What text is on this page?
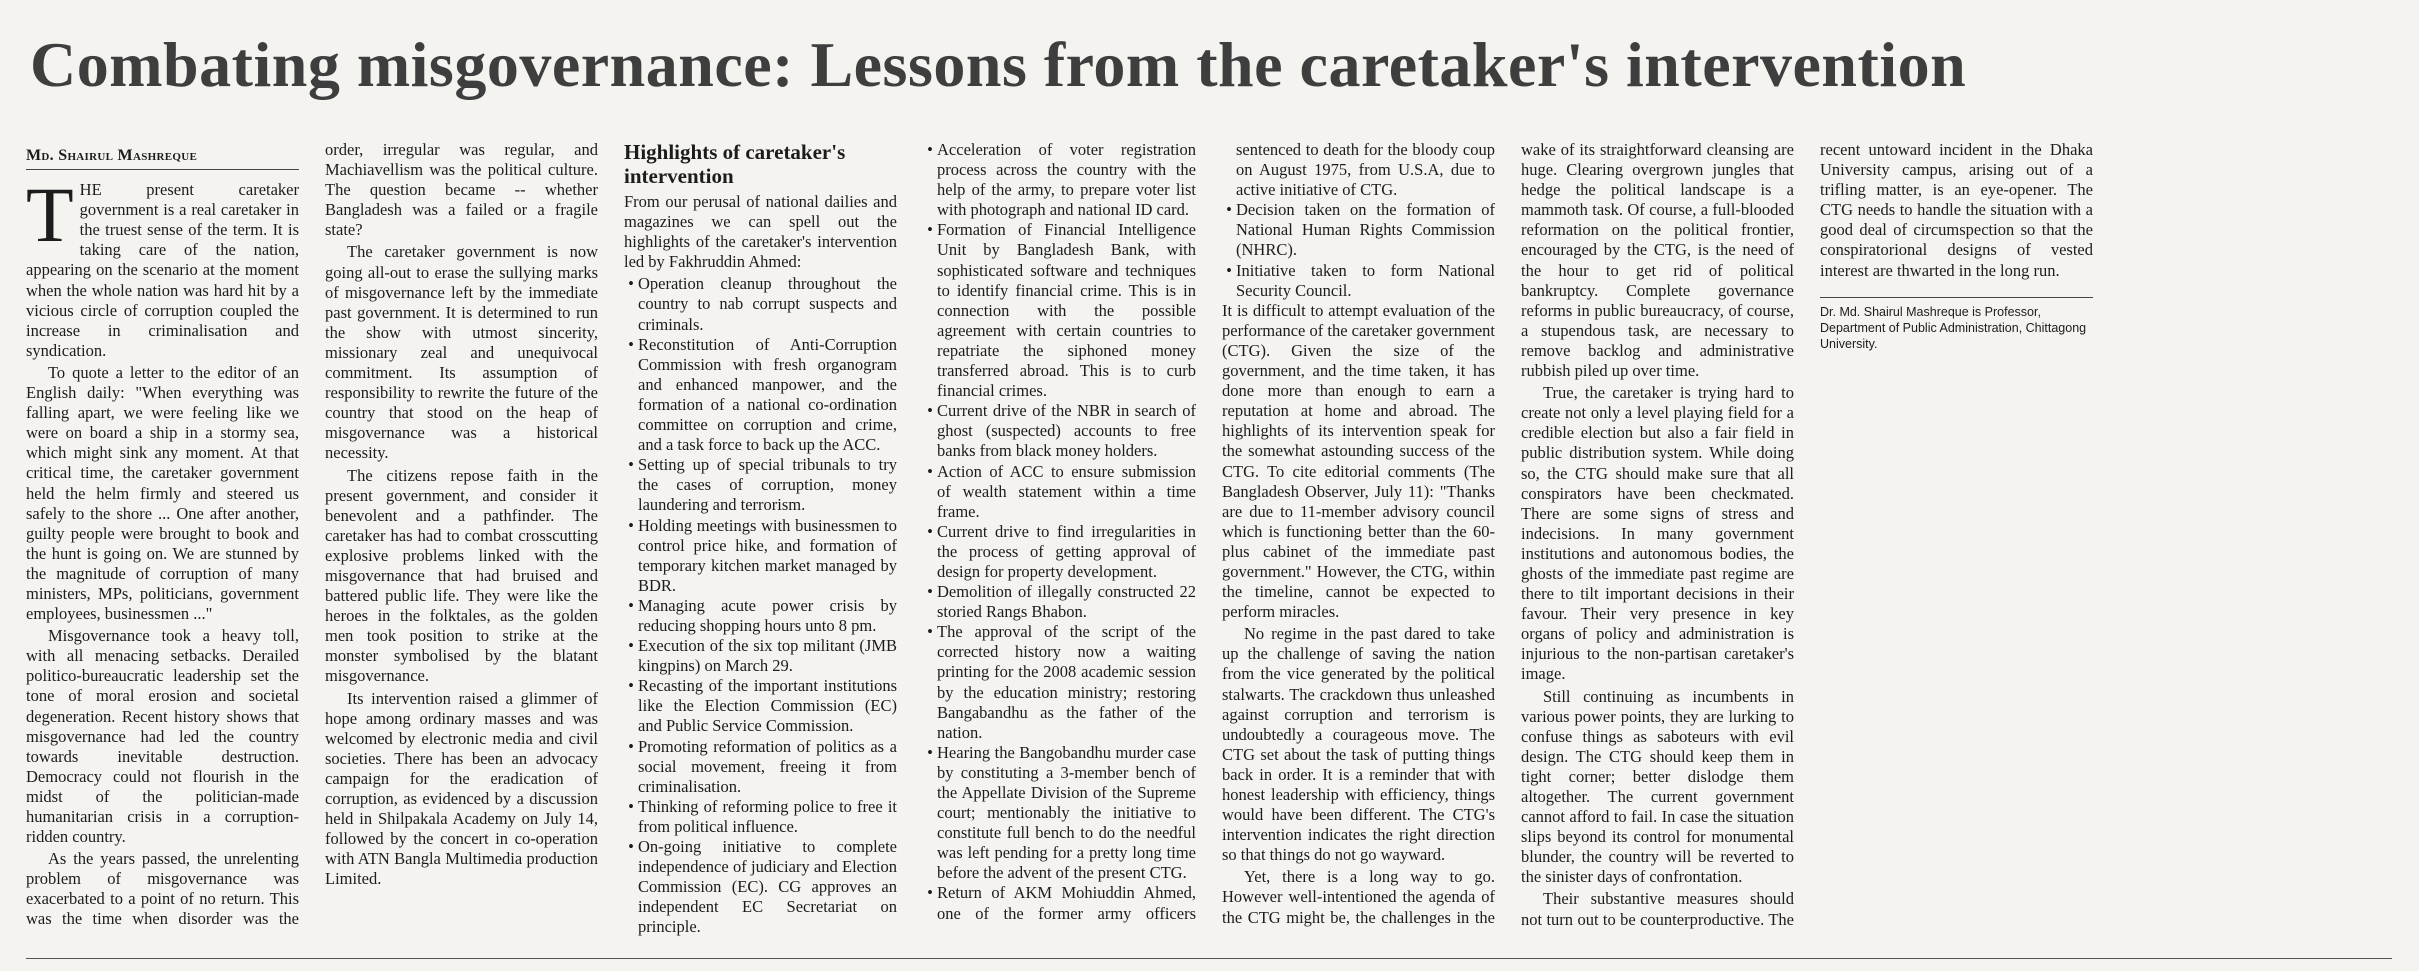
Combating misgovernance: Lessons from the caretaker's intervention
Md. Shairul Mashreque

THE present caretaker government is a real caretaker in the truest sense of the term. It is taking care of the nation, appearing on the scenario at the moment when the whole nation was hard hit by a vicious circle of corruption coupled the increase in criminalisation and syndication.

To quote a letter to the editor of an English daily: "When everything was falling apart, we were feeling like we were on board a ship in a stormy sea, which might sink any moment. At that critical time, the caretaker government held the helm firmly and steered us safely to the shore ... One after another, guilty people were brought to book and the hunt is going on. We are stunned by the magnitude of corruption of many ministers, MPs, politicians, government employees, businessmen ..."

Misgovernance took a heavy toll, with all menacing setbacks. Derailed politico-bureaucratic leadership set the tone of moral erosion and societal degeneration. Recent history shows that misgovernance had led the country towards inevitable destruction. Democracy could not flourish in the midst of the politician-made humanitarian crisis in a corruption-ridden country.

As the years passed, the unrelenting problem of misgovernance was exacerbated to a point of no return. This was the time when disorder was the order, irregular was regular, and Machiavellism was the political culture. The question became -- whether Bangladesh was a failed or a fragile state?

The caretaker government is now going all-out to erase the sullying marks of misgovernance left by the immediate past government. It is determined to run the show with utmost sincerity, missionary zeal and unequivocal commitment. Its assumption of responsibility to rewrite the future of the country that stood on the heap of misgovernance was a historical necessity.

The citizens repose faith in the present government, and consider it benevolent and a pathfinder. The caretaker has had to combat crosscutting explosive problems linked with the misgovernance that had bruised and battered public life. They were like the heroes in the folktales, as the golden men took position to strike at the monster symbolised by the blatant misgovernance.

Its intervention raised a glimmer of hope among ordinary masses and was welcomed by electronic media and civil societies. There has been an advocacy campaign for the eradication of corruption, as evidenced by a discussion held in Shilpakala Academy on July 14, followed by the concert in co-operation with ATN Bangla Multimedia production Limited.

Highlights of caretaker's intervention

From our perusal of national dailies and magazines we can spell out the highlights of the caretaker's intervention led by Fakhruddin Ahmed:

• Operation cleanup throughout the country to nab corrupt suspects and criminals.
• Reconstitution of Anti-Corruption Commission with fresh organogram and enhanced manpower, and the formation of a national co-ordination committee on corruption and crime, and a task force to back up the ACC.
• Setting up of special tribunals to try the cases of corruption, money laundering and terrorism.
• Holding meetings with businessmen to control price hike, and formation of temporary kitchen market managed by BDR.
• Managing acute power crisis by reducing shopping hours unto 8 pm.
• Execution of the six top militant (JMB kingpins) on March 29.
• Recasting of the important institutions like the Election Commission (EC) and Public Service Commission.
• Promoting reformation of politics as a social movement, freeing it from criminalisation.
• Thinking of reforming police to free it from political influence.
• On-going initiative to complete independence of judiciary and Election Commission (EC). CG approves an independent EC Secretariat on principle.
• Acceleration of voter registration process across the country with the help of the army, to prepare voter list with photograph and national ID card.
• Formation of Financial Intelligence Unit by Bangladesh Bank, with sophisticated software and techniques to identify financial crime. This is in connection with the possible agreement with certain countries to repatriate the siphoned money transferred abroad. This is to curb financial crimes.
• Current drive of the NBR in search of ghost (suspected) accounts to free banks from black money holders.
• Action of ACC to ensure submission of wealth statement within a time frame.
• Current drive to find irregularities in the process of getting approval of design for property development.
• Demolition of illegally constructed 22 storied Rangs Bhabon.
• The approval of the script of the corrected history now a waiting printing for the 2008 academic session by the education ministry; restoring Bangabandhu as the father of the nation.
• Hearing the Bangobandhu murder case by constituting a 3-member bench of the Appellate Division of the Supreme court; mentionably the initiative to constitute full bench to do the needful was left pending for a pretty long time before the advent of the present CTG.
• Return of AKM Mohiuddin Ahmed, one of the former army officers sentenced to death for the bloody coup on August 1975, from U.S.A, due to active initiative of CTG.
• Decision taken on the formation of National Human Rights Commission (NHRC).
• Initiative taken to form National Security Council.

It is difficult to attempt evaluation of the performance of the caretaker government (CTG). Given the size of the government, and the time taken, it has done more than enough to earn a reputation at home and abroad. The highlights of its intervention speak for the somewhat astounding success of the CTG. To cite editorial comments (The Bangladesh Observer, July 11): "Thanks are due to 11-member advisory council which is functioning better than the 60-plus cabinet of the immediate past government." However, the CTG, within the timeline, cannot be expected to perform miracles.

No regime in the past dared to take up the challenge of saving the nation from the vice generated by the political stalwarts. The crackdown thus unleashed against corruption and terrorism is undoubtedly a courageous move. The CTG set about the task of putting things back in order. It is a reminder that with honest leadership with efficiency, things would have been different. The CTG's intervention indicates the right direction so that things do not go wayward.

Yet, there is a long way to go. However well-intentioned the agenda of the CTG might be, the challenges in the wake of its straightforward cleansing are huge. Clearing overgrown jungles that hedge the political landscape is a mammoth task. Of course, a full-blooded reformation on the political frontier, encouraged by the CTG, is the need of the hour to get rid of political bankruptcy. Complete governance reforms in public bureaucracy, of course, a stupendous task, are necessary to remove backlog and administrative rubbish piled up over time.

True, the caretaker is trying hard to create not only a level playing field for a credible election but also a fair field in public distribution system. While doing so, the CTG should make sure that all conspirators have been checkmated. There are some signs of stress and indecisions. In many government institutions and autonomous bodies, the ghosts of the immediate past regime are there to tilt important decisions in their favour. Their very presence in key organs of policy and administration is injurious to the non-partisan caretaker's image.

Still continuing as incumbents in various power points, they are lurking to confuse things as saboteurs with evil design. The CTG should keep them in tight corner; better dislodge them altogether. The current government cannot afford to fail. In case the situation slips beyond its control for monumental blunder, the country will be reverted to the sinister days of confrontation.

Their substantive measures should not turn out to be counterproductive. The recent untoward incident in the Dhaka University campus, arising out of a trifling matter, is an eye-opener. The CTG needs to handle the situation with a good deal of circumspection so that the conspiratorional designs of vested interest are thwarted in the long run.

Dr. Md. Shairul Mashreque is Professor, Department of Public Administration, Chittagong University.
